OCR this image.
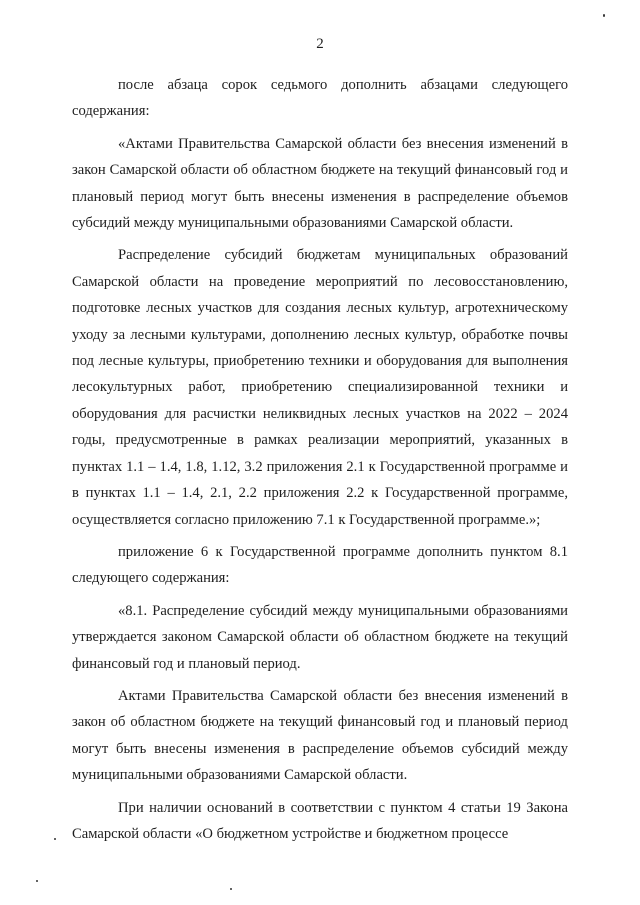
2

после абзаца сорок седьмого дополнить абзацами следующего содержания:

«Актами Правительства Самарской области без внесения изменений в закон Самарской области об областном бюджете на текущий финансовый год и плановый период могут быть внесены изменения в распределение объемов субсидий между муниципальными образованиями Самарской области.

Распределение субсидий бюджетам муниципальных образований Самарской области на проведение мероприятий по лесовосстановлению, подготовке лесных участков для создания лесных культур, агротехническому уходу за лесными культурами, дополнению лесных культур, обработке почвы под лесные культуры, приобретению техники и оборудования для выполнения лесокультурных работ, приобретению специализированной техники и оборудования для расчистки неликвидных лесных участков на 2022 – 2024 годы, предусмотренные в рамках реализации мероприятий, указанных в пунктах 1.1 – 1.4, 1.8, 1.12, 3.2 приложения 2.1 к Государственной программе и в пунктах 1.1 – 1.4, 2.1, 2.2 приложения 2.2 к Государственной программе, осуществляется согласно приложению 7.1 к Государственной программе.»;

приложение 6 к Государственной программе дополнить пунктом 8.1 следующего содержания:

«8.1. Распределение субсидий между муниципальными образованиями утверждается законом Самарской области об областном бюджете на текущий финансовый год и плановый период.

Актами Правительства Самарской области без внесения изменений в закон об областном бюджете на текущий финансовый год и плановый период могут быть внесены изменения в распределение объемов субсидий между муниципальными образованиями Самарской области.

При наличии оснований в соответствии с пунктом 4 статьи 19 Закона Самарской области «О бюджетном устройстве и бюджетном процессе
